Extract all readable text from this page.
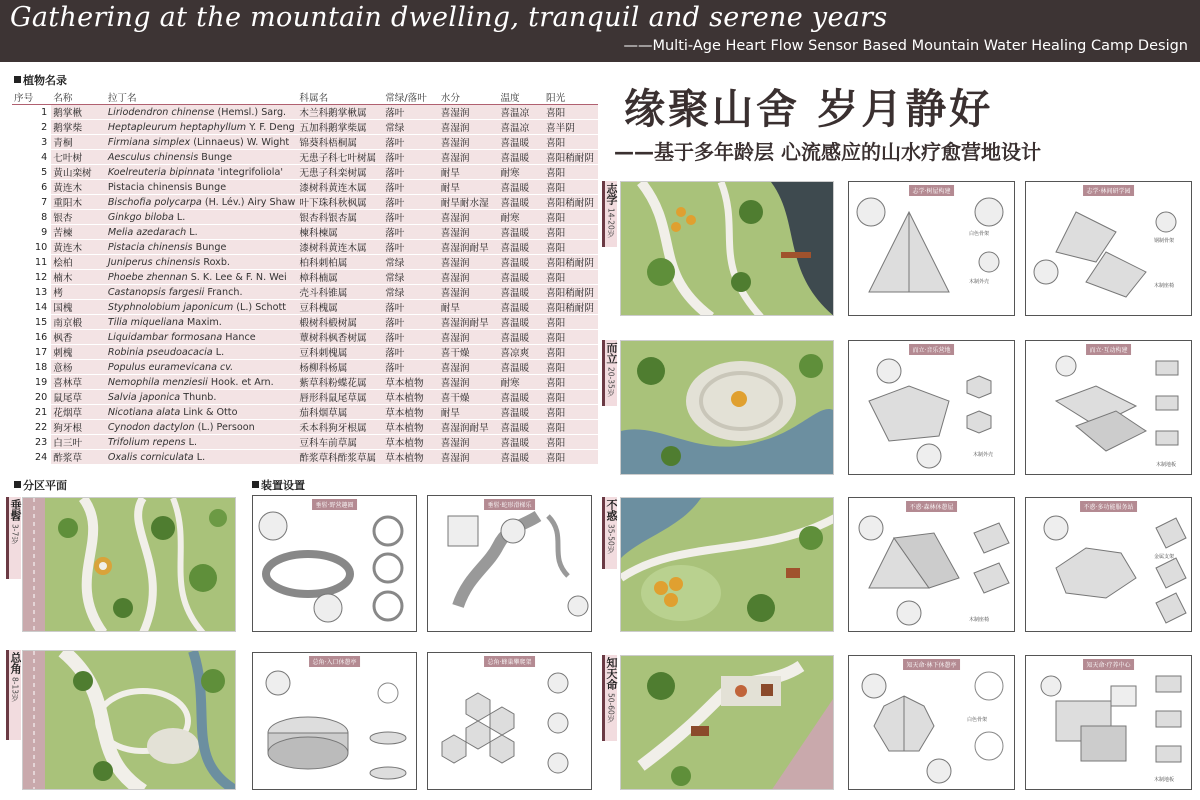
Gathering at the mountain dwelling, tranquil and serene years
——Multi-Age Heart Flow Sensor Based Mountain Water Healing Camp Design
缘聚山舍 岁月静好
——基于多年龄层 心流感应的山水疗愈营地设计
植物名录
序号	名称	拉丁名	科属名	常绿/落叶	水分	温度	阳光
1	鹅掌楸	Liriodendron chinense (Hemsl.) Sarg.	木兰科鹅掌楸属	落叶	喜湿润	喜温凉	喜阳
2	鹅掌柴	Heptapleurum heptaphyllum Y. F. Deng	五加科鹅掌柴属	常绿	喜湿润	喜温凉	喜半阴
3	青桐	Firmiana simplex (Linnaeus) W. Wight	锦葵科梧桐属	落叶	喜湿润	喜温暖	喜阳
4	七叶树	Aesculus chinensis Bunge	无患子科七叶树属	落叶	喜湿润	喜温暖	喜阳稍耐阴
5	黄山栾树	Koelreuteria bipinnata 'integrifoliola'	无患子科栾树属	落叶	耐旱	耐寒	喜阳
6	黄连木	Pistacia chinensis Bunge	漆树科黄连木属	落叶	耐旱	喜温暖	喜阳
7	重阳木	Bischofia polycarpa (H. Lév.) Airy Shaw	叶下珠科秋枫属	落叶	耐旱耐水湿	喜温暖	喜阳稍耐阴
8	银杏	Ginkgo biloba L.	银杏科银杏属	落叶	喜湿润	耐寒	喜阳
9	苦楝	Melia azedarach L.	楝科楝属	落叶	喜湿润	喜温暖	喜阳
10	黄连木	Pistacia chinensis Bunge	漆树科黄连木属	落叶	喜湿润耐旱	喜温暖	喜阳
11	桧柏	Juniperus chinensis Roxb.	柏科刺柏属	常绿	喜湿润	喜温暖	喜阳稍耐阴
12	楠木	Phoebe zhennan S. K. Lee & F. N. Wei	樟科楠属	常绿	喜湿润	喜温暖	喜阳
13	栲	Castanopsis fargesii Franch.	壳斗科锥属	常绿	喜湿润	喜温暖	喜阳稍耐阴
14	国槐	Styphnolobium japonicum (L.) Schott	豆科槐属	落叶	耐旱	喜温暖	喜阳稍耐阴
15	南京椴	Tilia miqueliana Maxim.	椴树科椴树属	落叶	喜湿润耐旱	喜温暖	喜阳
16	枫香	Liquidambar formosana Hance	蕈树科枫香树属	落叶	喜湿润	喜温暖	喜阳
17	刺槐	Robinia pseudoacacia L.	豆科刺槐属	落叶	喜干燥	喜凉爽	喜阳
18	意杨	Populus euramevicana cv.	杨柳科杨属	落叶	喜湿润	喜温暖	喜阳
19	喜林草	Nemophila menziesii Hook. et Arn.	紫草科粉蝶花属	草本植物	喜湿润	耐寒	喜阳
20	鼠尾草	Salvia japonica Thunb.	唇形科鼠尾草属	草本植物	喜干燥	喜温暖	喜阳
21	花烟草	Nicotiana alata Link & Otto	茄科烟草属	草本植物	耐旱	喜温暖	喜阳
22	狗牙根	Cynodon dactylon (L.) Persoon	禾本科狗牙根属	草本植物	喜湿润耐旱	喜温暖	喜阳
23	白三叶	Trifolium repens L.	豆科车前草属	草本植物	喜湿润	喜温暖	喜阳
24	酢浆草	Oxalis corniculata L.	酢浆草科酢浆草属	草本植物	喜湿润	喜温暖	喜阳
分区平面	装置设置
垂髫
3-7岁
总角
8-13岁
志学
14-20岁
而立
20-35岁
不惑
35-50岁
知天命
50-60岁
垂髫·野营趣圈	垂髫·蛇形滑梯乐
总角·入口休憩亭	总角·蜂巢攀爬架
志学·树屋构建
白色骨架
木制外壳
志学·林间研学园
钢制骨架
木制座椅
而立·音乐营地
木制外壳
而立·互动构建
木制地板
不惑·森林休憩屋
木制座椅
不惑·多功能服务站
金属支架
知天命·林下休憩亭
白色骨架
知天命·疗养中心
木制地板
